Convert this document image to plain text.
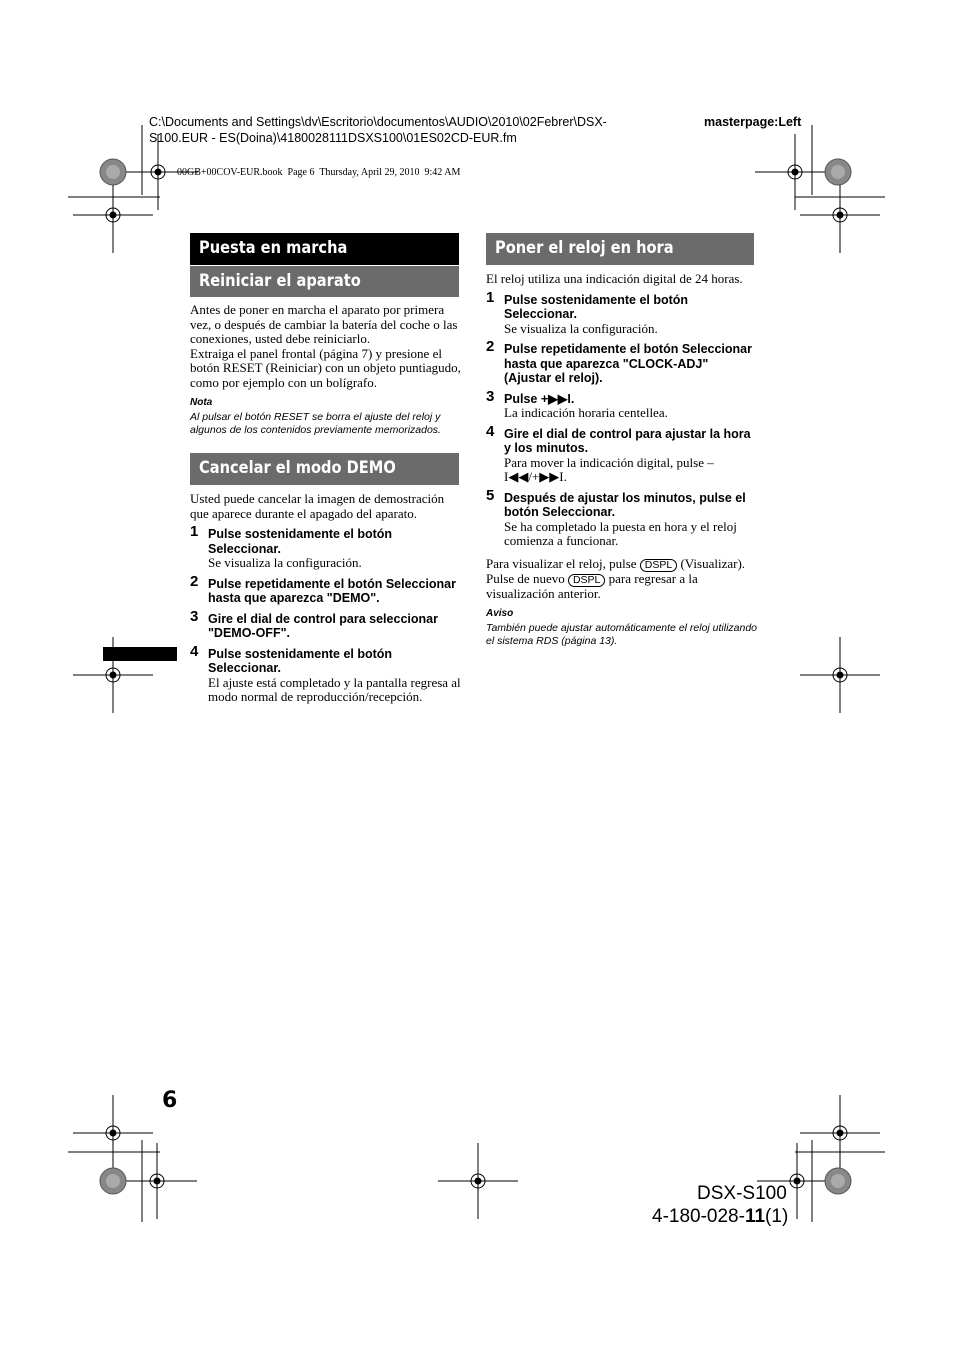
C:\Documents and Settings\dv\Escritorio\documentos\AUDIO\2010\02Febrer\DSX-
S100.EUR - ES(Doina)\4180028111DSXS100\01ES02CD-EUR.fm
masterpage:Left
00GB+00COV-EUR.book  Page 6  Thursday, April 29, 2010  9:42 AM
Puesta en marcha
Reiniciar el aparato
Antes de poner en marcha el aparato por primera vez, o después de cambiar la batería del coche o las conexiones, usted debe reiniciarlo.
Extraiga el panel frontal (página 7) y presione el botón RESET (Reiniciar) con un objeto puntiagudo, como por ejemplo con un bolígrafo.
Nota
Al pulsar el botón RESET se borra el ajuste del reloj y algunos de los contenidos previamente memorizados.
Cancelar el modo DEMO
Usted puede cancelar la imagen de demostración que aparece durante el apagado del aparato.
1 Pulse sostenidamente el botón Seleccionar.
Se visualiza la configuración.
2 Pulse repetidamente el botón Seleccionar hasta que aparezca "DEMO".
3 Gire el dial de control para seleccionar "DEMO-OFF".
4 Pulse sostenidamente el botón Seleccionar.
El ajuste está completado y la pantalla regresa al modo normal de reproducción/recepción.
Poner el reloj en hora
El reloj utiliza una indicación digital de 24 horas.
1 Pulse sostenidamente el botón Seleccionar.
Se visualiza la configuración.
2 Pulse repetidamente el botón Seleccionar hasta que aparezca "CLOCK-ADJ" (Ajustar el reloj).
3 Pulse +▶▶I.
La indicación horaria centellea.
4 Gire el dial de control para ajustar la hora y los minutos.
Para mover la indicación digital, pulse – I◀◀/+▶▶I.
5 Después de ajustar los minutos, pulse el botón Seleccionar.
Se ha completado la puesta en hora y el reloj comienza a funcionar.
Para visualizar el reloj, pulse DSPL (Visualizar). Pulse de nuevo DSPL para regresar a la visualización anterior.
Aviso
También puede ajustar automáticamente el reloj utilizando el sistema RDS (página 13).
6
DSX-S100
4-180-028-11(1)
